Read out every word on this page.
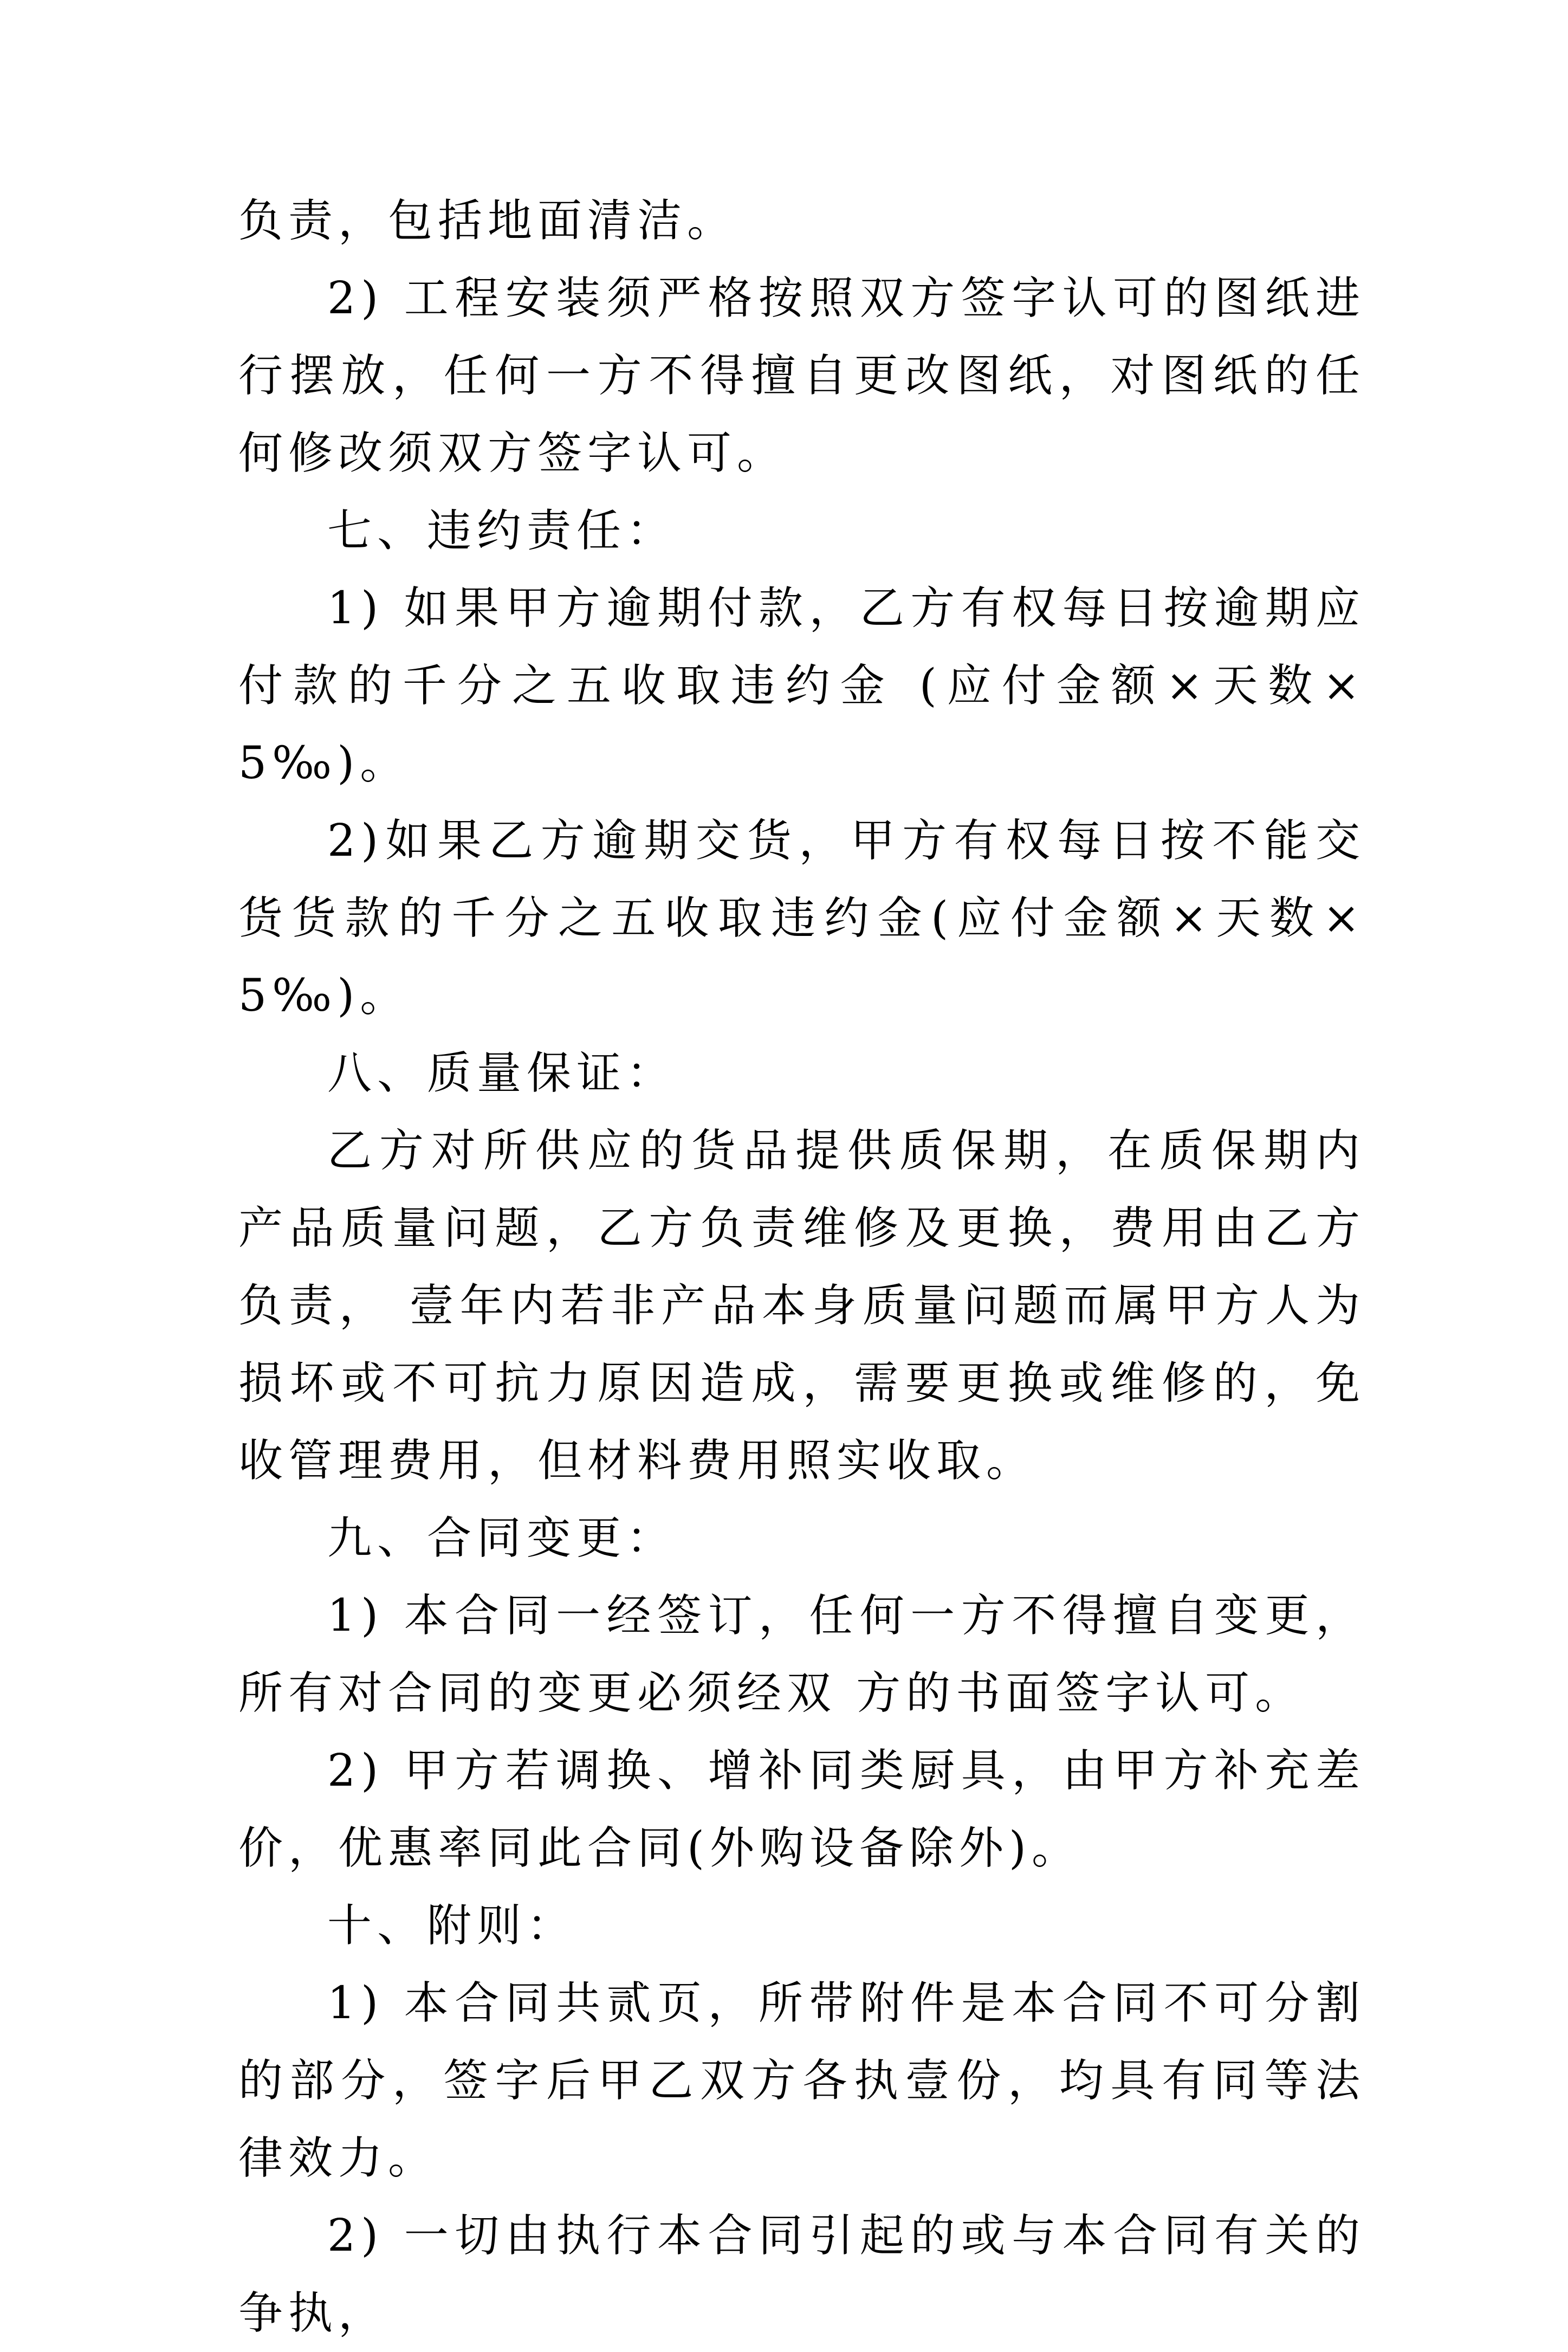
负责，包括地面清洁。

2) 工程安装须严格按照双方签字认可的图纸进行摆放，任何一方不得擅自更改图纸，对图纸的任何修改须双方签字认可。

七、违约责任：

1) 如果甲方逾期付款，乙方有权每日按逾期应付款的千分之五收取违约金 (应付金额×天数×5‰)。

2)如果乙方逾期交货，甲方有权每日按不能交货货款的千分之五收取违约金(应付金额×天数×5‰)。

八、质量保证：

乙方对所供应的货品提供质保期，在质保期内产品质量问题，乙方负责维修及更换，费用由乙方负责， 壹年内若非产品本身质量问题而属甲方人为损坏或不可抗力原因造成，需要更换或维修的，免收管理费用，但材料费用照实收取。

九、合同变更：

1) 本合同一经签订，任何一方不得擅自变更，所有对合同的变更必须经双 方的书面签字认可。

2) 甲方若调换、增补同类厨具，由甲方补充差价，优惠率同此合同(外购设备除外)。

十、附则：

1) 本合同共贰页，所带附件是本合同不可分割的部分，签字后甲乙双方各执壹份，均具有同等法律效力。

2) 一切由执行本合同引起的或与本合同有关的争执，
